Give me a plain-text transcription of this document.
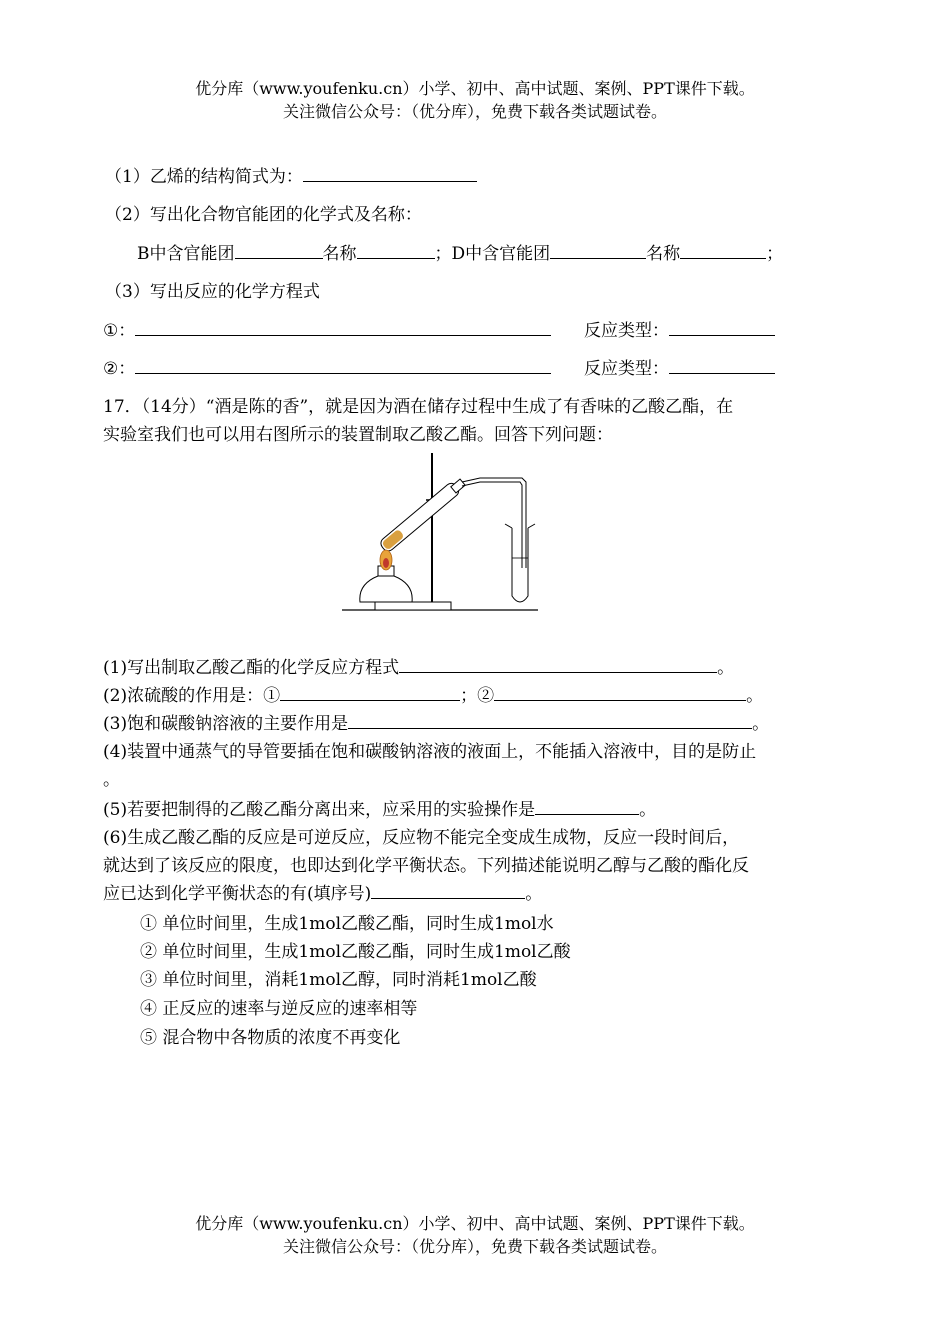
优分库（www.youfenku.cn）小学、初中、高中试题、案例、PPT课件下载。
关注微信公众号：（优分库），免费下载各类试题试卷。
（1）乙烯的结构简式为：
（2）写出化合物官能团的化学式及名称：
B中含官能团	名称	；D中含官能团	名称	；
（3）写出反应的化学方程式
①：	反应类型：
②：	反应类型：
17．（14分）“酒是陈的香”，就是因为酒在储存过程中生成了有香味的乙酸乙酯，在
实验室我们也可以用右图所示的装置制取乙酸乙酯。回答下列问题：
(1)写出制取乙酸乙酯的化学反应方程式	。
(2)浓硫酸的作用是：①	；②	。
(3)饱和碳酸钠溶液的主要作用是	。
(4)装置中通蒸气的导管要插在饱和碳酸钠溶液的液面上，不能插入溶液中，目的是防止
。
(5)若要把制得的乙酸乙酯分离出来，应采用的实验操作是	。
(6)生成乙酸乙酯的反应是可逆反应，反应物不能完全变成生成物，反应一段时间后，
就达到了该反应的限度，也即达到化学平衡状态。下列描述能说明乙醇与乙酸的酯化反
应已达到化学平衡状态的有(填序号)	。
① 单位时间里，生成1mol乙酸乙酯，同时生成1mol水
② 单位时间里，生成1mol乙酸乙酯，同时生成1mol乙酸
③ 单位时间里，消耗1mol乙醇，同时消耗1mol乙酸
④ 正反应的速率与逆反应的速率相等
⑤ 混合物中各物质的浓度不再变化
优分库（www.youfenku.cn）小学、初中、高中试题、案例、PPT课件下载。
关注微信公众号：（优分库），免费下载各类试题试卷。
